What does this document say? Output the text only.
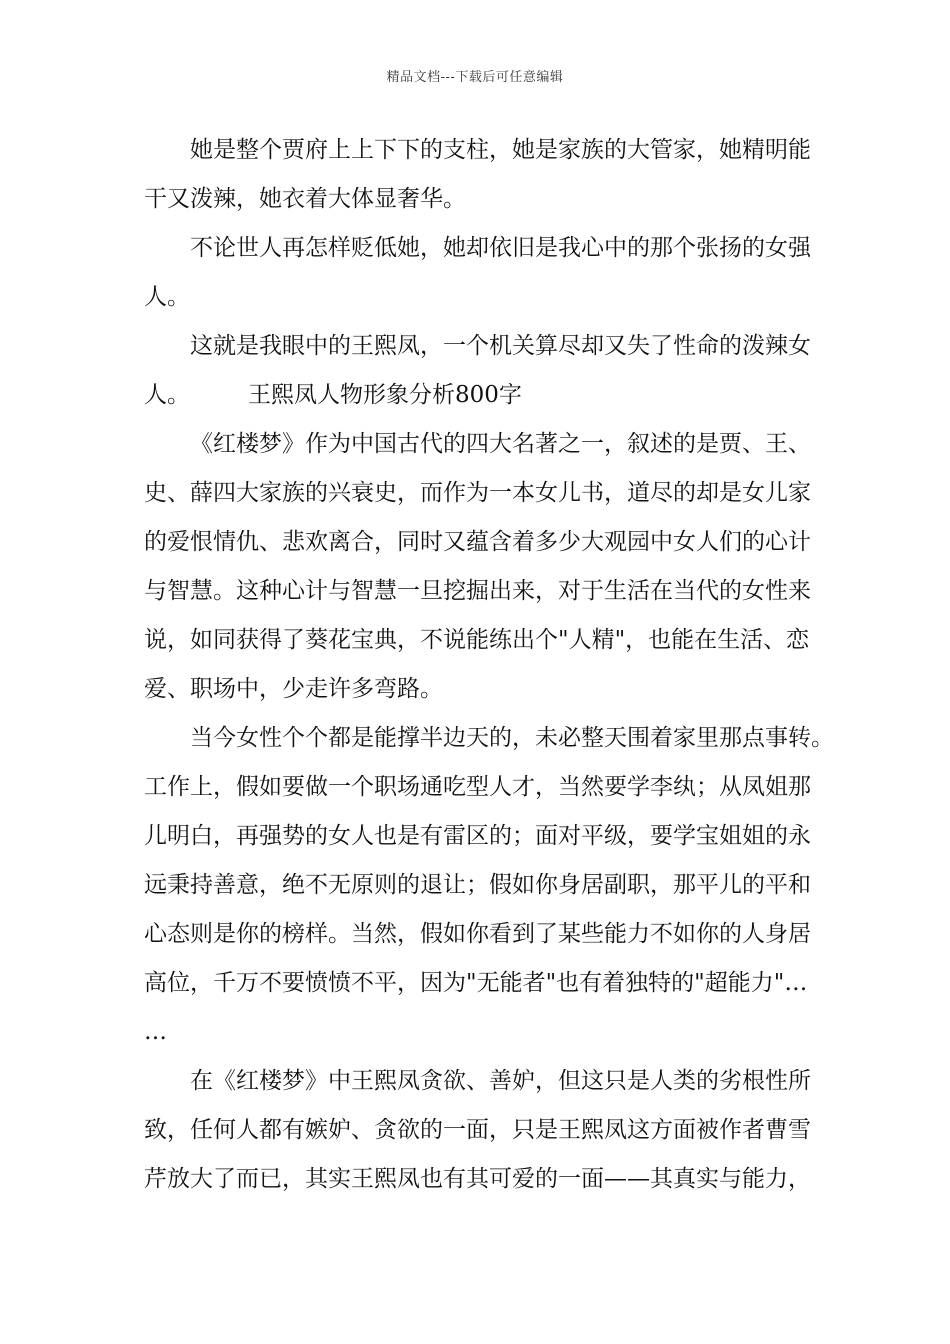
精品文档---下载后可任意编辑
她是整个贾府上上下下的支柱，她是家族的大管家，她精明能
干又泼辣，她衣着大体显奢华。
不论世人再怎样贬低她，她却依旧是我心中的那个张扬的女强
人。
这就是我眼中的王熙凤，一个机关算尽却又失了性命的泼辣女
人。	王熙凤人物形象分析800字
《红楼梦》作为中国古代的四大名著之一，叙述的是贾、王、
史、薛四大家族的兴衰史，而作为一本女儿书，道尽的却是女儿家
的爱恨情仇、悲欢离合，同时又蕴含着多少大观园中女人们的心计
与智慧。这种心计与智慧一旦挖掘出来，对于生活在当代的女性来
说，如同获得了葵花宝典，不说能练出个"人精"，也能在生活、恋
爱、职场中，少走许多弯路。
当今女性个个都是能撑半边天的，未必整天围着家里那点事转。
工作上，假如要做一个职场通吃型人才，当然要学李纨；从凤姐那
儿明白，再强势的女人也是有雷区的；面对平级，要学宝姐姐的永
远秉持善意，绝不无原则的退让；假如你身居副职，那平儿的平和
心态则是你的榜样。当然，假如你看到了某些能力不如你的人身居
高位，千万不要愤愤不平，因为"无能者"也有着独特的"超能力"…
…
在《红楼梦》中王熙凤贪欲、善妒，但这只是人类的劣根性所
致，任何人都有嫉妒、贪欲的一面，只是王熙凤这方面被作者曹雪
芹放大了而已，其实王熙凤也有其可爱的一面——其真实与能力，
